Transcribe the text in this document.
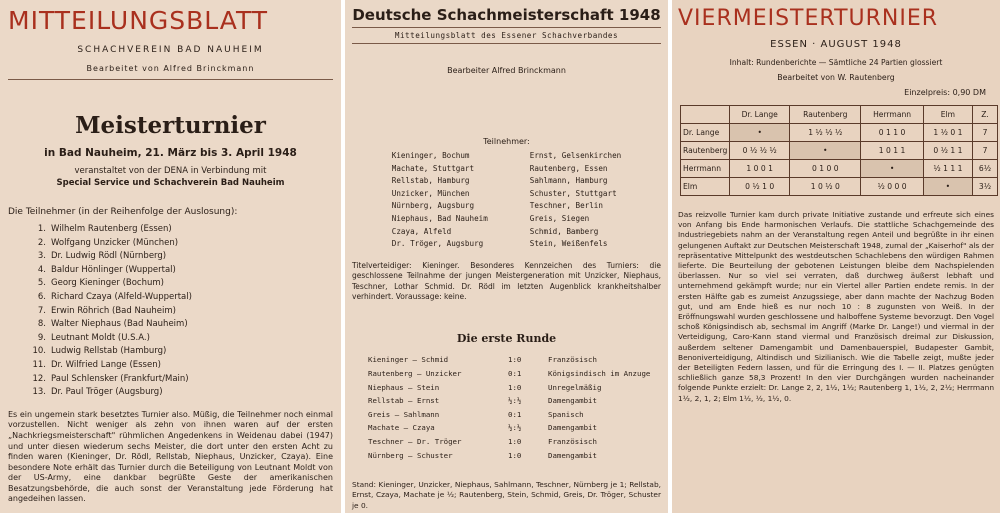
MITTEILUNGSBLATT
SCHACHVEREIN BAD NAUHEIM
Bearbeitet von Alfred Brinckmann
Meisterturnier
in Bad Nauheim, 21. März bis 3. April 1948
veranstaltet von der DENA in Verbindung mit
Special Service und Schachverein Bad Nauheim
Die Teilnehmer (in der Reihenfolge der Auslosung):
1. Wilhelm Rautenberg (Essen)
2. Wolfgang Unzicker (München)
3. Dr. Ludwig Rödl (Nürnberg)
4. Baldur Hönlinger (Wuppertal)
5. Georg Kieninger (Bochum)
6. Richard Czaya (Alfeld-Wuppertal)
7. Erwin Röhrich (Bad Nauheim)
8. Walter Niephaus (Bad Nauheim)
9. Leutnant Moldt (U.S.A.)
10. Ludwig Rellstab (Hamburg)
11. Dr. Wilfried Lange (Essen)
12. Paul Schlensker (Frankfurt/Main)
13. Dr. Paul Tröger (Augsburg)
Es ein ungemein stark besetztes Turnier also. Müßig, die Teilnehmer noch einmal vorzustellen. Nicht weniger als zehn von ihnen waren auf der ersten „Nachkriegsmeisterschaft" rühmlichen Angedenkens in Weidenau dabei (1947) und unter diesen wiederum sechs Meister, die dort unter den ersten Acht zu finden waren (Kieninger, Dr. Rödl, Rellstab, Niephaus, Unzicker, Czaya). Eine besondere Note erhält das Turnier durch die Beteiligung von Leutnant Moldt von der US-Army, eine dankbar begrüßte Geste der amerikanischen Besatzungsbehörde, die auch sonst der Veranstaltung jede Förderung hat angedeihen lassen.
Deutsche Schachmeisterschaft 1948
Mitteilungsblatt des Essener Schachverbandes
Bearbeiter Alfred Brinckmann
Teilnehmer:
Kieninger, Bochum	Ernst, Gelsenkirchen
Machate, Stuttgart	Rautenberg, Essen
Rellstab, Hamburg	Sahlmann, Hamburg
Unzicker, München	Schuster, Stuttgart
Nürnberg, Augsburg	Teschner, Berlin
Niephaus, Bad Nauheim	Greis, Siegen
Czaya, Alfeld	Schmid, Bamberg
Dr. Tröger, Augsburg	Stein, Weißenfels
Titelverteidiger: Kieninger. Besonderes Kennzeichen des Turniers: die geschlossene Teilnahme der jungen Meistergeneration mit Unzicker, Niephaus, Teschner, Lothar Schmid. Dr. Rödl im letzten Augenblick krankheitshalber verhindert. Voraussage: keine.
Die erste Runde
Kieninger — Schmid	1:0	Französisch
Rautenberg — Unzicker	0:1	Königsindisch im Anzuge
Niephaus — Stein	1:0	Unregelmäßig
Rellstab — Ernst	½:½	Damengambit
Greis — Sahlmann	0:1	Spanisch
Machate — Czaya	½:½	Damengambit
Teschner — Dr. Tröger	1:0	Französisch
Nürnberg — Schuster	1:0	Damengambit
Stand: Kieninger, Unzicker, Niephaus, Sahlmann, Teschner, Nürnberg je 1; Rellstab, Ernst, Czaya, Machate je ½; Rautenberg, Stein, Schmid, Greis, Dr. Tröger, Schuster je 0.
VIERMEISTERTURNIER
ESSEN · AUGUST 1948
Inhalt: Rundenberichte — Sämtliche 24 Partien glossiert
Bearbeitet von W. Rautenberg
Einzelpreis: 0,90 DM
	Dr. Lange	Rautenberg	Herrmann	Elm	Z.
Dr. Lange	•	1 ½ ½ ½	0 1 1 0	1 ½ 0 1	7
Rautenberg	0 ½ ½ ½	•	1 0 1 1	0 ½ 1 1	7
Herrmann	1 0 0 1	0 1 0 0	•	½ 1 1 1	6½
Elm	0 ½ 1 0	1 0 ½ 0	½ 0 0 0	•	3½
Das reizvolle Turnier kam durch private Initiative zustande und erfreute sich eines von Anfang bis Ende harmonischen Verlaufs. Die stattliche Schachgemeinde des Industriegebiets nahm an der Veranstaltung regen Anteil und begrüßte in ihr einen gelungenen Auftakt zur Deutschen Meisterschaft 1948, zumal der „Kaiserhof" als der repräsentative Mittelpunkt des westdeutschen Schachlebens den würdigen Rahmen lieferte. Die Beurteilung der gebotenen Leistungen bleibe dem Nachspielenden überlassen. Nur so viel sei verraten, daß durchweg äußerst lebhaft und unternehmend gekämpft wurde; nur ein Viertel aller Partien endete remis. In der ersten Hälfte gab es zumeist Anzugssiege, aber dann machte der Nachzug Boden gut, und am Ende hieß es nur noch 10 : 8 zugunsten von Weiß. In der Eröffnungswahl wurden geschlossene und halboffene Systeme bevorzugt. Den Vogel schoß Königsindisch ab, sechsmal im Angriff (Marke Dr. Lange!) und viermal in der Verteidigung, Caro-Kann stand viermal und Französisch dreimal zur Diskussion, außerdem seltener Damengambit und Damenbauerspiel, Budapester Gambit, Benoniverteidigung, Altindisch und Sizilianisch. Wie die Tabelle zeigt, mußte jeder der Beteiligten Federn lassen, und für die Erringung des I. — II. Platzes genügten schließlich ganze 58,3 Prozent! In den vier Durchgängen wurden nacheinander folgende Punkte erzielt: Dr. Lange 2, 2, 1½, 1½; Rautenberg 1, 1½, 2, 2½; Herrmann 1½, 2, 1, 2; Elm 1½, ½, 1½, 0.
